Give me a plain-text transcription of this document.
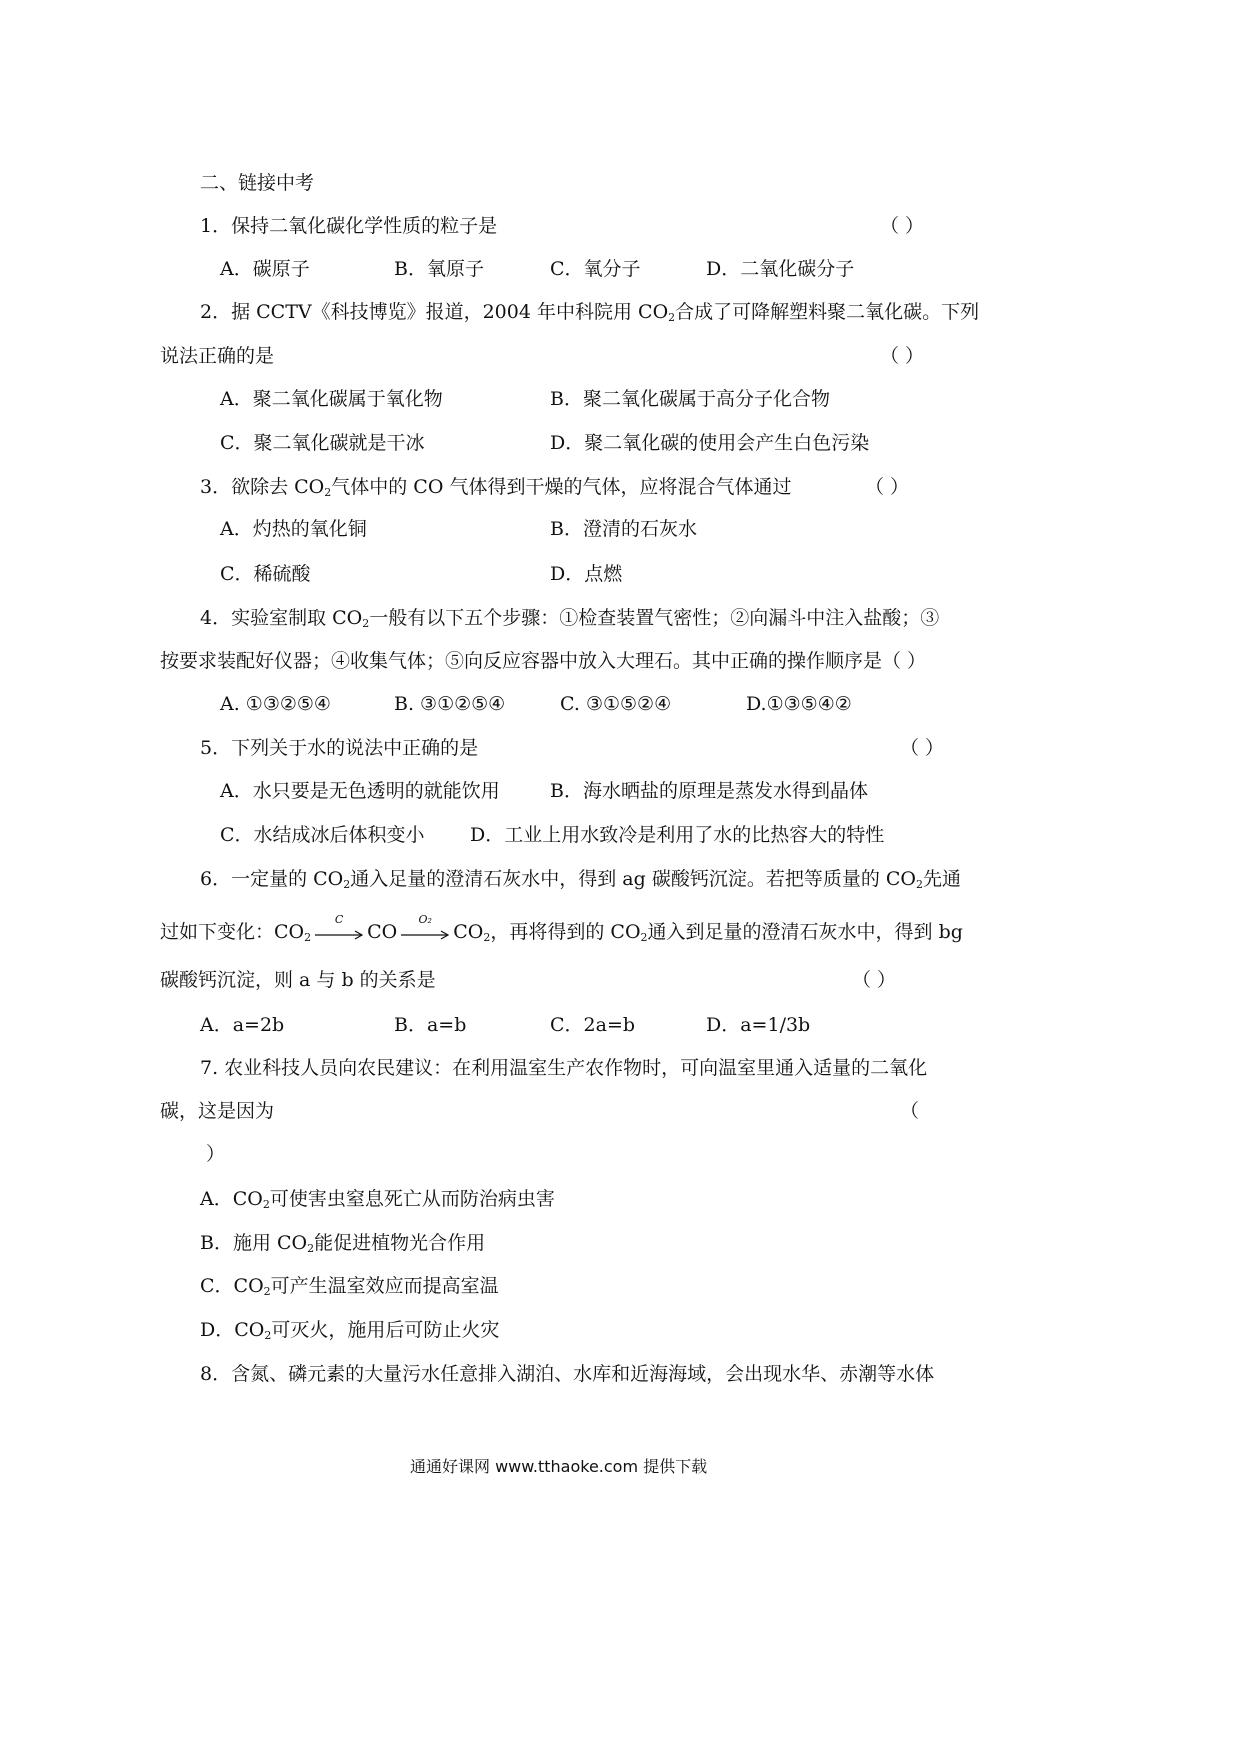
二、链接中考
1．保持二氧化碳化学性质的粒子是	（ ）
A．碳原子	B．氧原子	C．氧分子	D．二氧化碳分子
2．据 CCTV《科技博览》报道，2004 年中科院用 $CO_2$合成了可降解塑料聚二氧化碳。下列
说法正确的是	（ ）
A．聚二氧化碳属于氧化物	B．聚二氧化碳属于高分子化合物
C．聚二氧化碳就是干冰	D．聚二氧化碳的使用会产生白色污染
3．欲除去 $CO_2$气体中的 CO 气体得到干燥的气体，应将混合气体通过	（ ）
A．灼热的氧化铜	B．澄清的石灰水
C．稀硫酸	D．点燃
4．实验室制取 $CO_2$一般有以下五个步骤：①检查装置气密性；②向漏斗中注入盐酸；③
按要求装配好仪器；④收集气体；⑤向反应容器中放入大理石。其中正确的操作顺序是（ ）
A. ①③②⑤④	B. ③①②⑤④	C. ③①⑤②④	D.①③⑤④②
5．下列关于水的说法中正确的是	（ ）
A．水只要是无色透明的就能饮用	B．海水晒盐的原理是蒸发水得到晶体
C．水结成冰后体积变小 D．工业上用水致冷是利用了水的比热容大的特性
6．一定量的 $CO_2$通入足量的澄清石灰水中，得到 ag 碳酸钙沉淀。若把等质量的 $CO_2$先通
过如下变化：$CO_2$
C
CO
O₂
$CO_2$，再将得到的 $CO_2$通入到足量的澄清石灰水中，得到 bg
碳酸钙沉淀，则 a 与 b 的关系是	（ ）
A．a=2b	B．a=b	C．2a=b	D．a=1/3b
7. 农业科技人员向农民建议：在利用温室生产农作物时，可向温室里通入适量的二氧化
碳，这是因为	（
）
A．$CO_2$可使害虫窒息死亡从而防治病虫害
B．施用 $CO_2$能促进植物光合作用
C．$CO_2$可产生温室效应而提高室温
D．$CO_2$可灭火，施用后可防止火灾
8．含氮、磷元素的大量污水任意排入湖泊、水库和近海海域，会出现水华、赤潮等水体
通通好课网 www.tthaoke.com 提供下载
